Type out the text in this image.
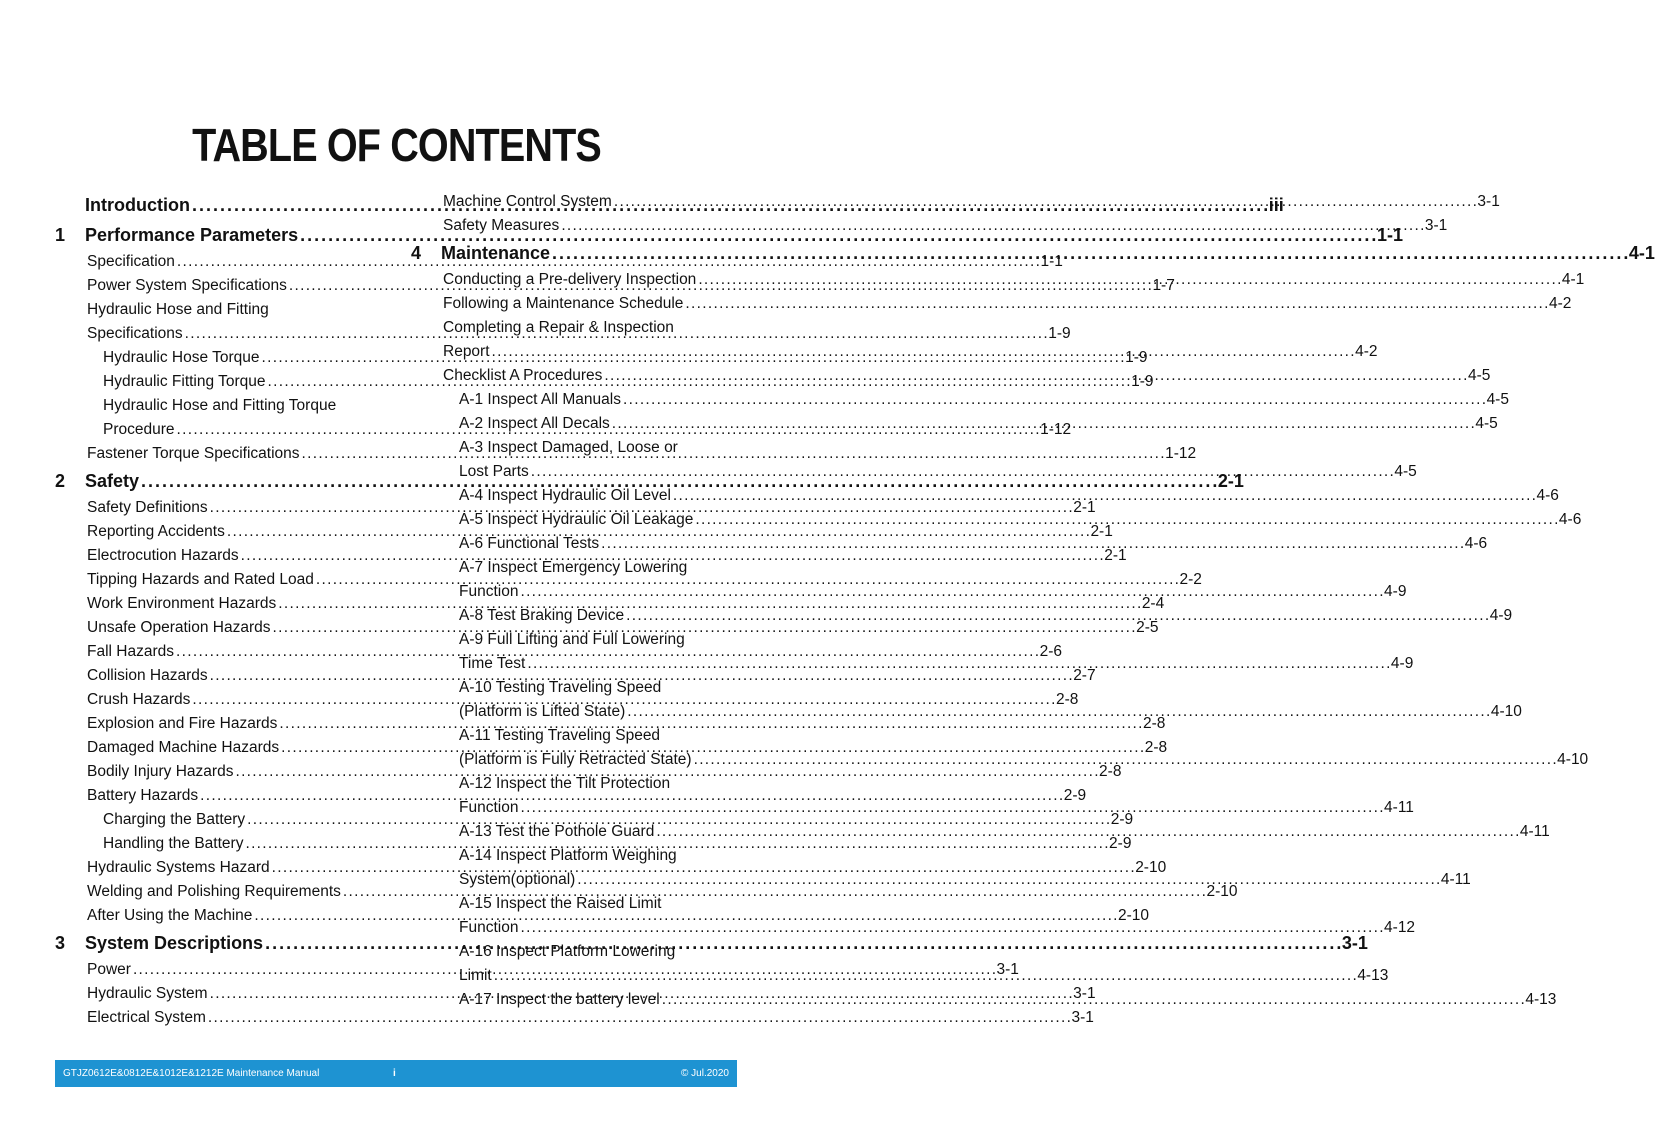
TABLE OF CONTENTS
Introduction . . .	iii
1	Performance Parameters . . .	1-1
Specification . . .	1-1
Power System Specifications . . .	1-7
Hydraulic Hose and Fitting
Specifications . . .	1-9
Hydraulic Hose Torque . . .	1-9
Hydraulic Fitting Torque . . .	1-9
Hydraulic Hose and Fitting Torque
Procedure . . .	1-12
Fastener Torque Specifications . . .	1-12
2	Safety . . .	2-1
Safety Definitions . . .	2-1
Reporting Accidents . . .	2-1
Electrocution Hazards . . .	2-1
Tipping Hazards and Rated Load . . .	2-2
Work Environment Hazards . . .	2-4
Unsafe Operation Hazards . . .	2-5
Fall Hazards . . .	2-6
Collision Hazards . . .	2-7
Crush Hazards . . .	2-8
Explosion and Fire Hazards . . .	2-8
Damaged Machine Hazards . . .	2-8
Bodily Injury Hazards . . .	2-8
Battery Hazards . . .	2-9
Charging the Battery . . .	2-9
Handling the Battery . . .	2-9
Hydraulic Systems Hazard . . .	2-10
Welding and Polishing Requirements . . .	2-10
After Using the Machine . . .	2-10
3	System Descriptions . . .	3-1
Power . . .	3-1
Hydraulic System . . .	3-1
Electrical System . . .	3-1
Machine Control System . . .	3-1
Safety Measures . . .	3-1
4	Maintenance . . .	4-1
Conducting a Pre-delivery Inspection . . .	4-1
Following a Maintenance Schedule . . .	4-2
Completing a Repair & Inspection
Report . . .	4-2
Checklist A Procedures . . .	4-5
A-1 Inspect All Manuals . . .	4-5
A-2 Inspect All Decals . . .	4-5
A-3 Inspect Damaged, Loose or
Lost Parts . . .	4-5
A-4 Inspect Hydraulic Oil Level . . .	4-6
A-5 Inspect Hydraulic Oil Leakage . . .	4-6
A-6 Functional Tests . . .	4-6
A-7 Inspect Emergency Lowering
Function . . .	4-9
A-8 Test Braking Device . . .	4-9
A-9 Full Lifting and Full Lowering
Time Test . . .	4-9
A-10 Testing Traveling Speed
(Platform is Lifted State) . . .	4-10
A-11 Testing Traveling Speed
(Platform is Fully Retracted State) . . .	4-10
A-12 Inspect the Tilt Protection
Function . . .	4-11
A-13 Test the Pothole Guard . . .	4-11
A-14 Inspect Platform Weighing
System(optional) . . .	4-11
A-15 Inspect the Raised Limit
Function . . .	4-12
A-16 Inspect Platform Lowering
Limit . . .	4-13
A-17 Inspect the battery level . . .	4-13
GTJZ0612E&0812E&1012E&1212E Maintenance Manual	i	© Jul.2020
